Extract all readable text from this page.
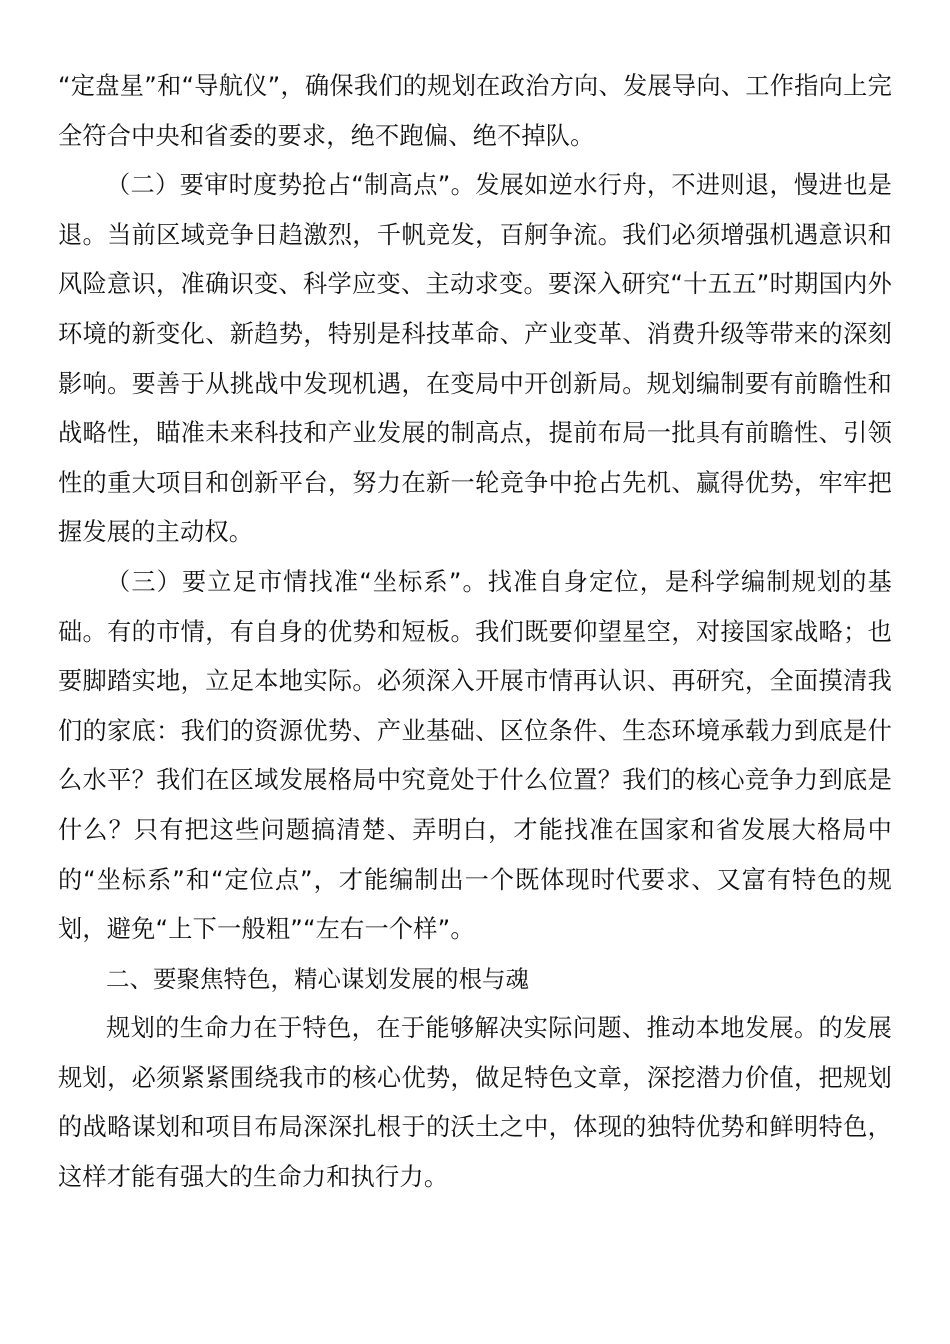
“定盘星”和“导航仪”，确保我们的规划在政治方向、发展导向、工作指向上完全符合中央和省委的要求，绝不跑偏、绝不掉队。

（二）要审时度势抢占“制高点”。发展如逆水行舟，不进则退，慢进也是退。当前区域竞争日趋激烈，千帆竞发，百舸争流。我们必须增强机遇意识和风险意识，准确识变、科学应变、主动求变。要深入研究“十五五”时期国内外环境的新变化、新趋势，特别是科技革命、产业变革、消费升级等带来的深刻影响。要善于从挑战中发现机遇，在变局中开创新局。规划编制要有前瞻性和战略性，瞄准未来科技和产业发展的制高点，提前布局一批具有前瞻性、引领性的重大项目和创新平台，努力在新一轮竞争中抢占先机、赢得优势，牢牢把握发展的主动权。

（三）要立足市情找准“坐标系”。找准自身定位，是科学编制规划的基础。有的市情，有自身的优势和短板。我们既要仰望星空，对接国家战略；也要脚踏实地，立足本地实际。必须深入开展市情再认识、再研究，全面摸清我们的家底：我们的资源优势、产业基础、区位条件、生态环境承载力到底是什么水平？我们在区域发展格局中究竟处于什么位置？我们的核心竞争力到底是什么？只有把这些问题搞清楚、弄明白，才能找准在国家和省发展大格局中的“坐标系”和“定位点”，才能编制出一个既体现时代要求、又富有特色的规划，避免“上下一般粗”“左右一个样”。

二、要聚焦特色，精心谋划发展的根与魂

规划的生命力在于特色，在于能够解决实际问题、推动本地发展。的发展规划，必须紧紧围绕我市的核心优势，做足特色文章，深挖潜力价值，把规划的战略谋划和项目布局深深扎根于的沃土之中，体现的独特优势和鲜明特色，这样才能有强大的生命力和执行力。
